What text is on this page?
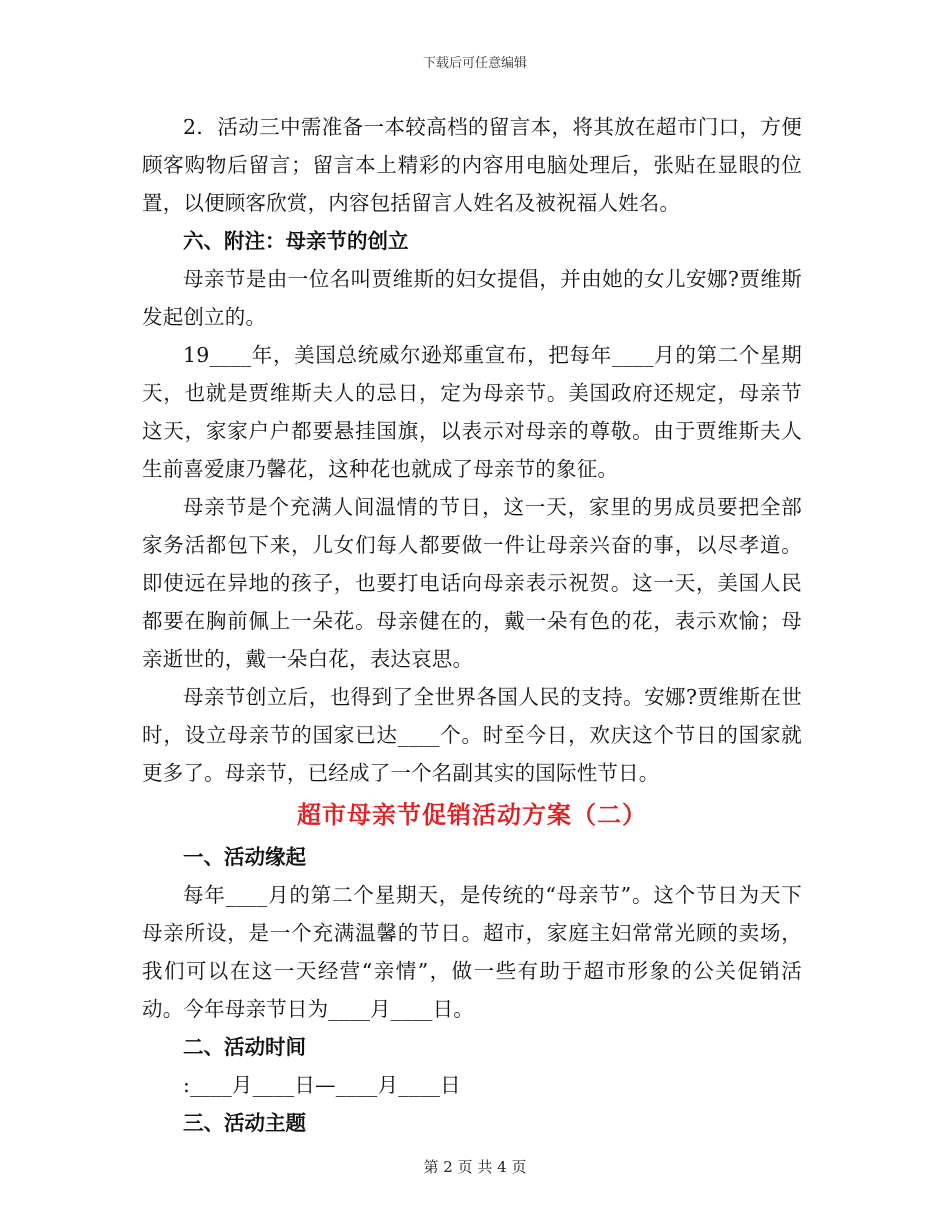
下载后可任意编辑

2．活动三中需准备一本较高档的留言本，将其放在超市门口，方便顾客购物后留言；留言本上精彩的内容用电脑处理后，张贴在显眼的位置，以便顾客欣赏，内容包括留言人姓名及被祝福人姓名。

六、附注：母亲节的创立

母亲节是由一位名叫贾维斯的妇女提倡，并由她的女儿安娜?贾维斯发起创立的。

19____年，美国总统威尔逊郑重宣布，把每年____月的第二个星期天，也就是贾维斯夫人的忌日，定为母亲节。美国政府还规定，母亲节这天，家家户户都要悬挂国旗，以表示对母亲的尊敬。由于贾维斯夫人生前喜爱康乃馨花，这种花也就成了母亲节的象征。

母亲节是个充满人间温情的节日，这一天，家里的男成员要把全部家务活都包下来，儿女们每人都要做一件让母亲兴奋的事，以尽孝道。即使远在异地的孩子，也要打电话向母亲表示祝贺。这一天，美国人民都要在胸前佩上一朵花。母亲健在的，戴一朵有色的花，表示欢愉；母亲逝世的，戴一朵白花，表达哀思。

母亲节创立后，也得到了全世界各国人民的支持。安娜?贾维斯在世时，设立母亲节的国家已达____个。时至今日，欢庆这个节日的国家就更多了。母亲节，已经成了一个名副其实的国际性节日。

超市母亲节促销活动方案（二）

一、活动缘起

每年____月的第二个星期天，是传统的“母亲节”。这个节日为天下母亲所设，是一个充满温馨的节日。超市，家庭主妇常常光顾的卖场，我们可以在这一天经营“亲情”，做一些有助于超市形象的公关促销活动。今年母亲节日为____月____日。

二、活动时间

:____月____日—____月____日

三、活动主题

第 2 页 共 4 页
